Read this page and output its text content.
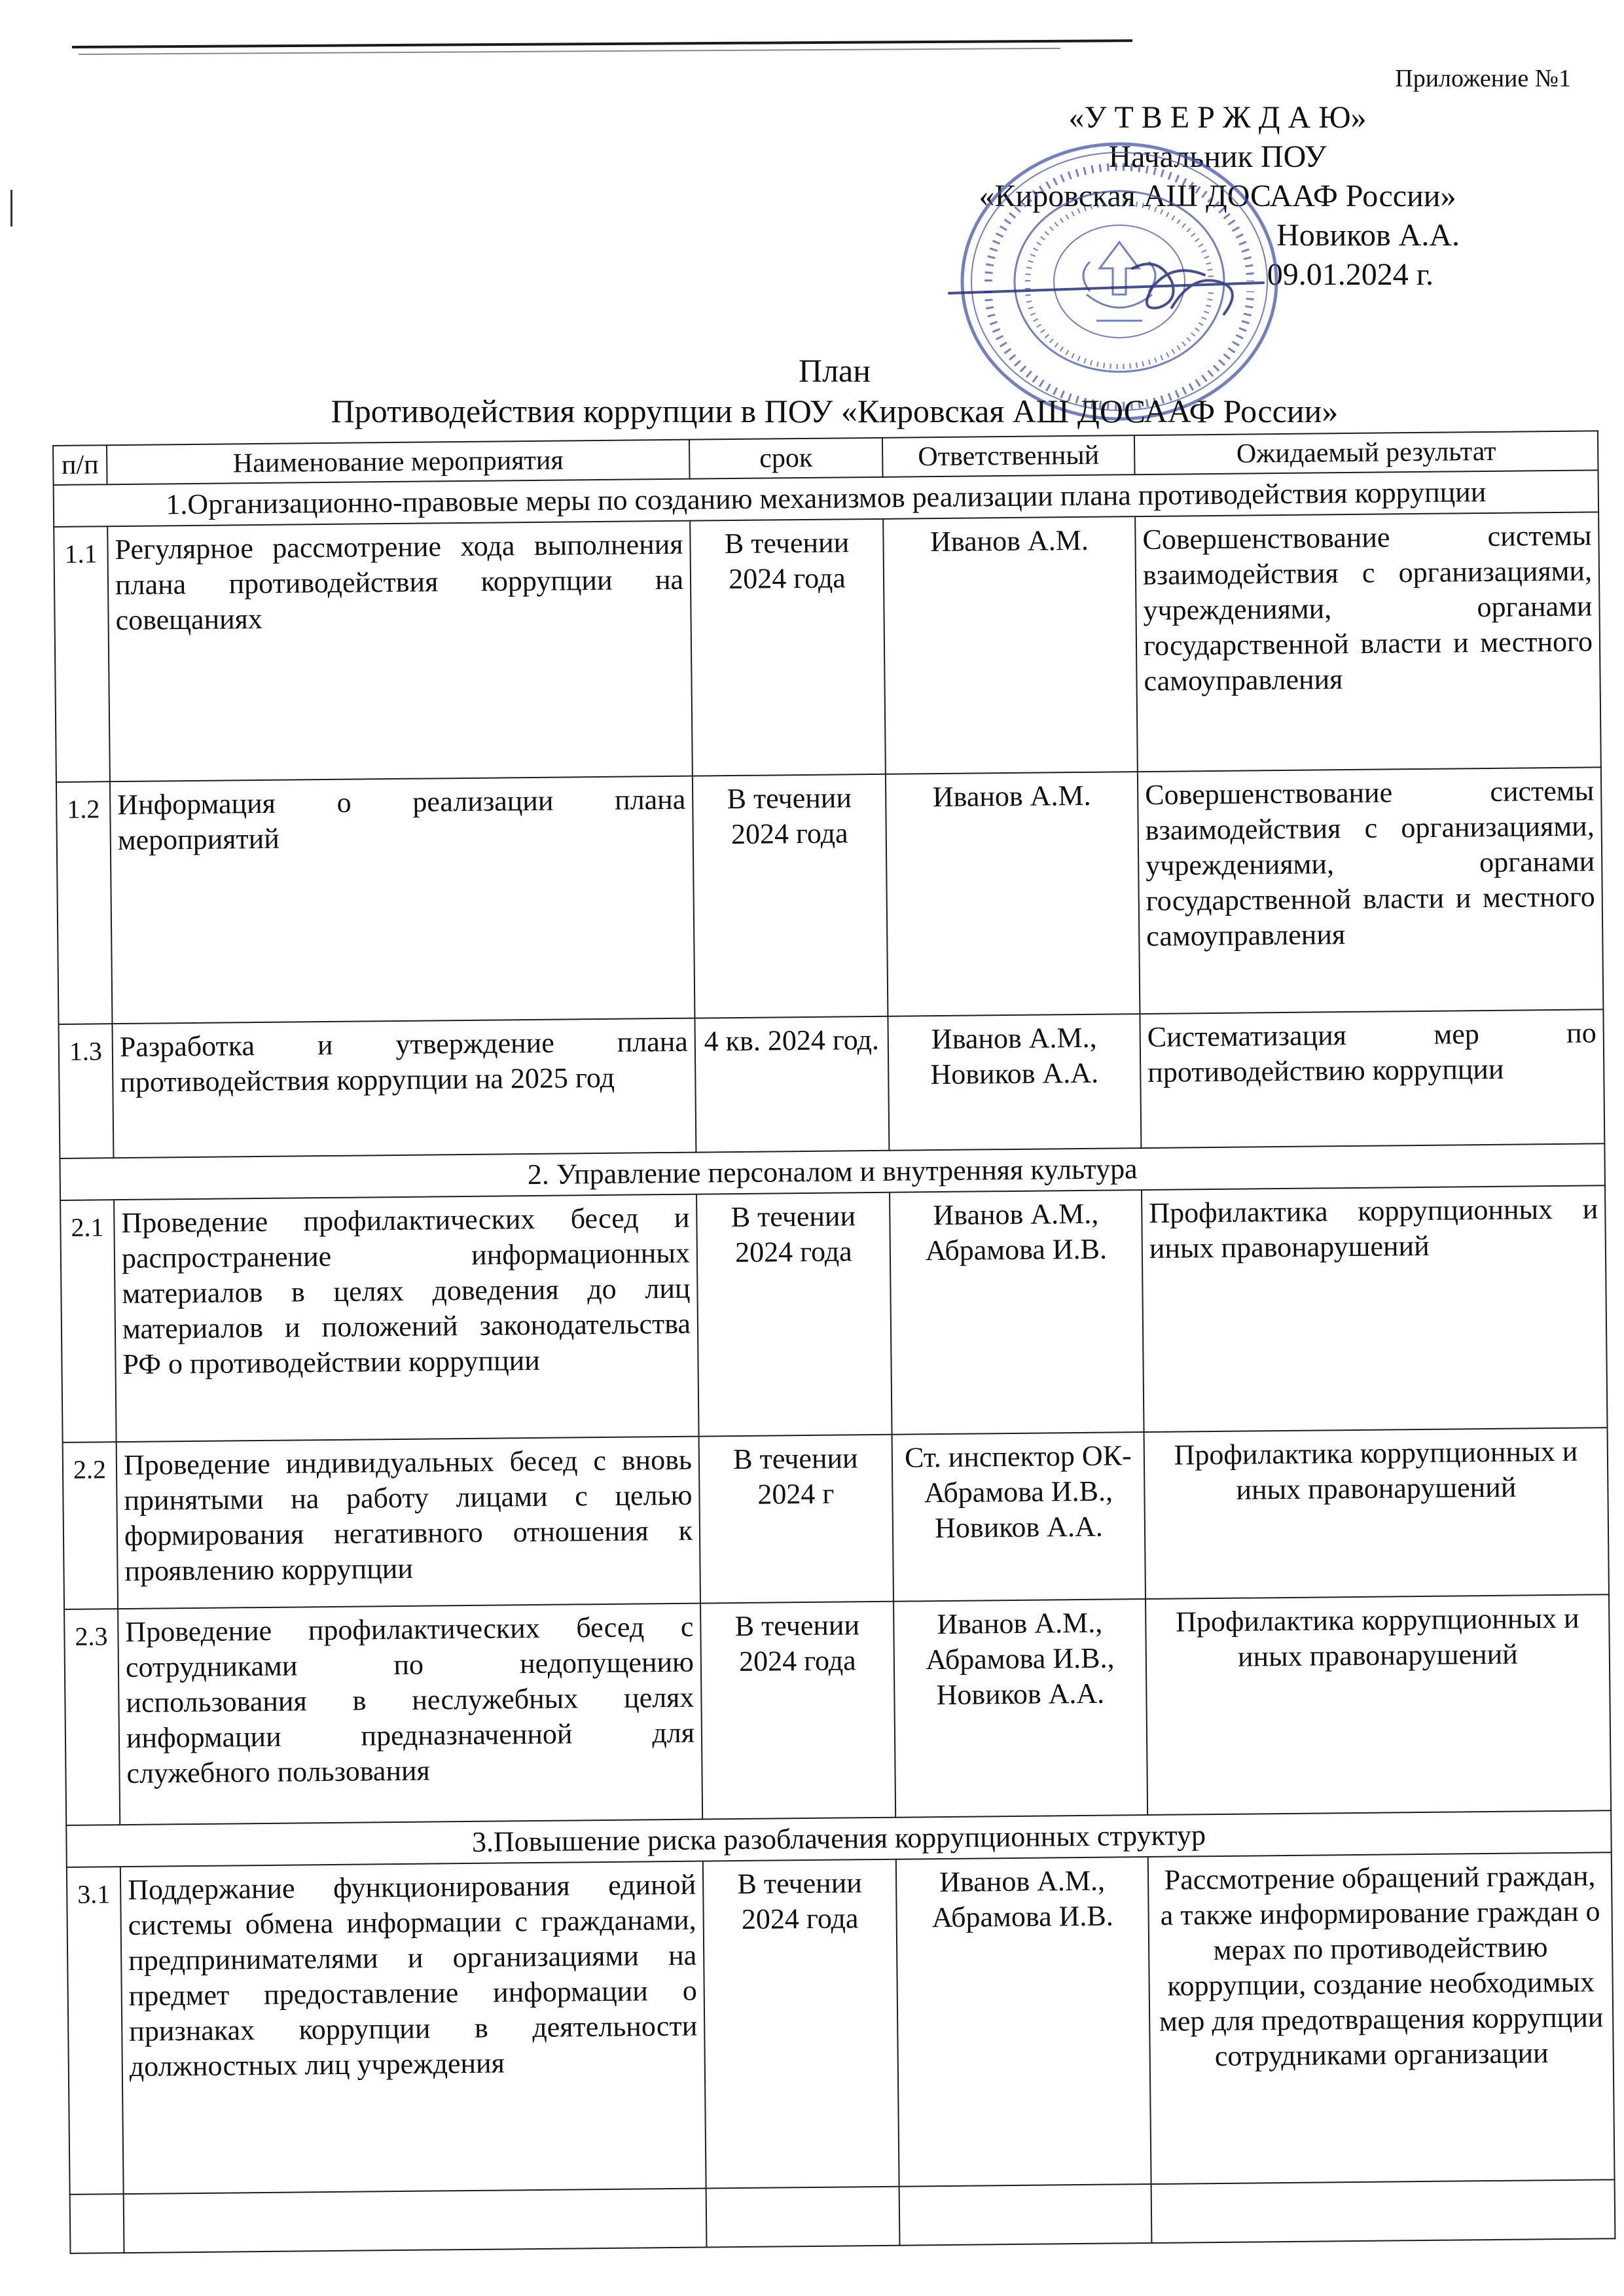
Приложение №1
«У Т В Е Р Ж Д А Ю»
Начальник ПОУ
«Кировская АШ ДОСААФ России»
Новиков А.А.
09.01.2024 г.
План
Противодействия коррупции в ПОУ «Кировская АШ ДОСААФ России»
п/п	Наименование мероприятия	срок	Ответственный	Ожидаемый результат
1.Организационно-правовые меры по созданию механизмов реализации плана противодействия коррупции				
1.1	Регулярное рассмотрение хода выполнения плана противодействия коррупции на совещаниях	В течении 2024 года	Иванов А.М.	Совершенствование системы взаимодействия с организациями, учреждениями, органами государственной власти и местного самоуправления
1.2	Информация о реализации плана мероприятий	В течении 2024 года	Иванов А.М.	Совершенствование системы взаимодействия с организациями, учреждениями, органами государственной власти и местного самоуправления
1.3	Разработка и утверждение плана противодействия коррупции на 2025 год	4 кв. 2024 год.	Иванов А.М., Новиков А.А.	Систематизация мер по противодействию коррупции
2. Управление персоналом и внутренняя культура				
2.1	Проведение профилактических бесед и распространение информационных материалов в целях доведения до лиц материалов и положений законодательства РФ о противодействии коррупции	В течении 2024 года	Иванов А.М., Абрамова И.В.	Профилактика коррупционных и иных правонарушений
2.2	Проведение индивидуальных бесед с вновь принятыми на работу лицами с целью формирования негативного отношения к проявлению коррупции	В течении 2024 г	Ст. инспектор ОК-Абрамова И.В., Новиков А.А.	Профилактика коррупционных и иных правонарушений
2.3	Проведение профилактических бесед с сотрудниками по недопущению использования в неслужебных целях информации предназначенной для служебного пользования	В течении 2024 года	Иванов А.М., Абрамова И.В., Новиков А.А.	Профилактика коррупционных и иных правонарушений
3.Повышение риска разоблачения коррупционных структур				
3.1	Поддержание функционирования единой системы обмена информации с гражданами, предпринимателями и организациями на предмет предоставление информации о признаках коррупции в деятельности должностных лиц учреждения	В течении 2024 года	Иванов А.М., Абрамова И.В.	Рассмотрение обращений граждан, а также информирование граждан о мерах по противодействию коррупции, создание необходимых мер для предотвращения коррупции сотрудниками организации
